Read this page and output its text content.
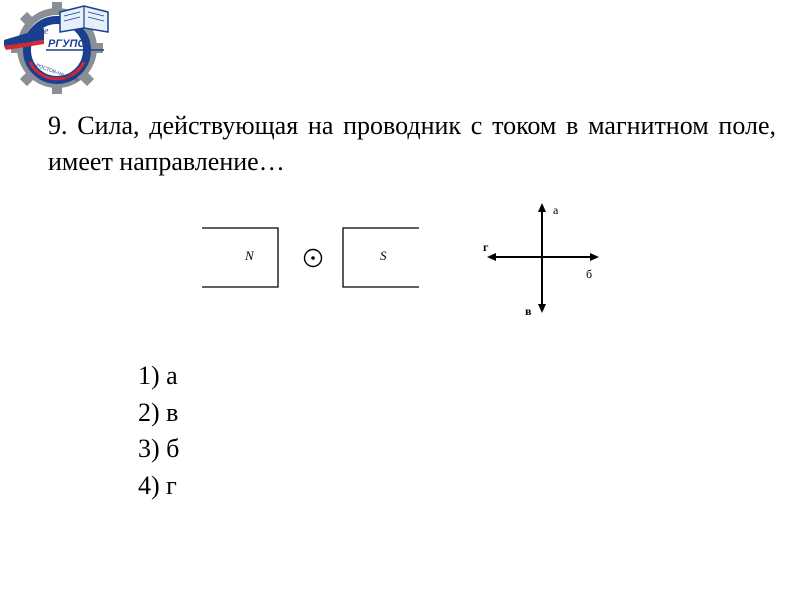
e
РГУПС
РОСТОВ-НА-ДОНУ

9. Сила, действующая на проводник с током в магнитном поле, имеет направление…

N	S
а
б
в
г
1) а
2) в
3) б
4) г
